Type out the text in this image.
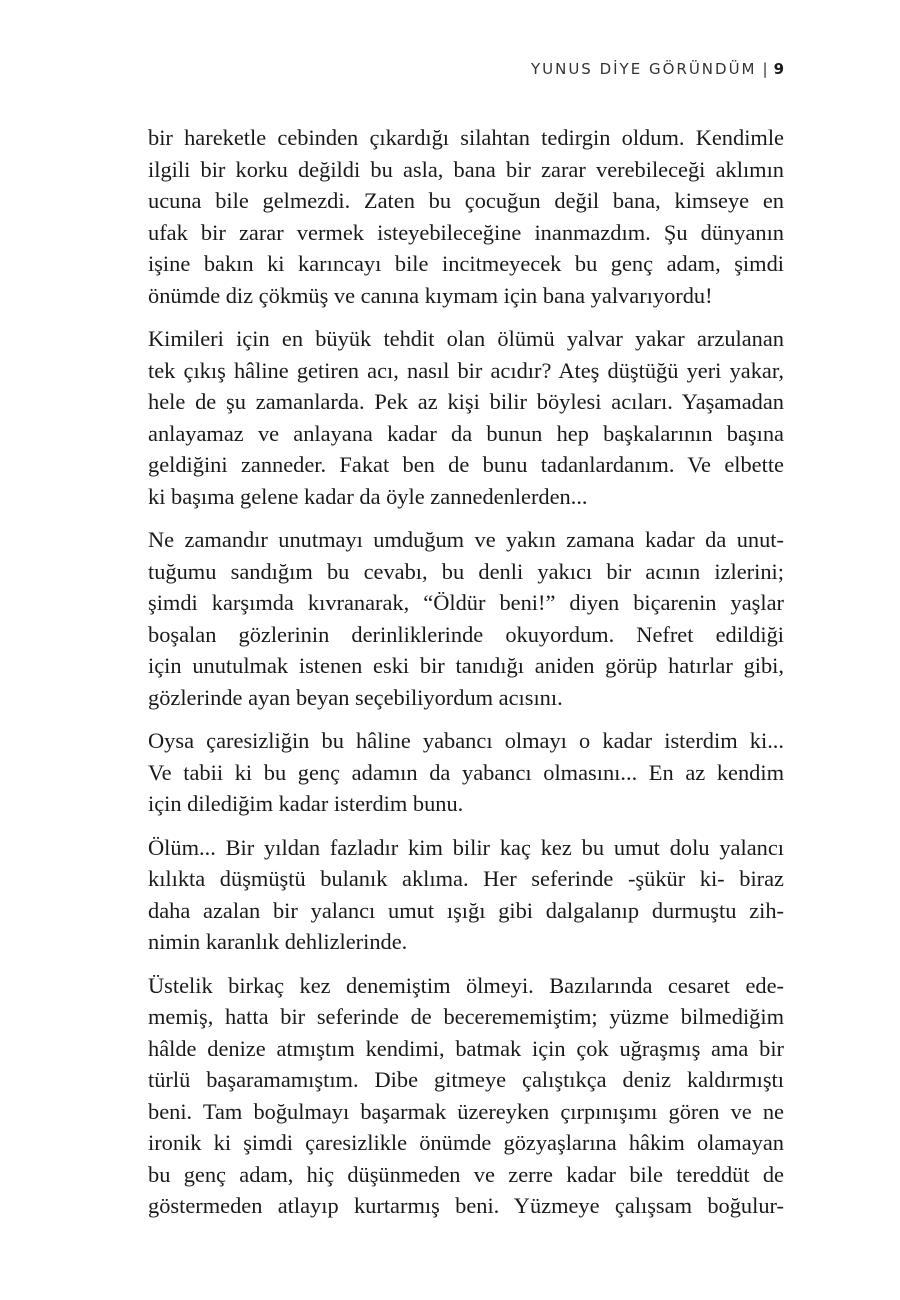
YUNUS DİYE GÖRÜNDÜM | 9

bir hareketle cebinden çıkardığı silahtan tedirgin oldum. Kendimle
ilgili bir korku değildi bu asla, bana bir zarar verebileceği aklımın
ucuna bile gelmezdi. Zaten bu çocuğun değil bana, kimseye en
ufak bir zarar vermek isteyebileceğine inanmazdım. Şu dünyanın
işine bakın ki karıncayı bile incitmeyecek bu genç adam, şimdi
önümde diz çökmüş ve canına kıymam için bana yalvarıyordu!

Kimileri için en büyük tehdit olan ölümü yalvar yakar arzulanan
tek çıkış hâline getiren acı, nasıl bir acıdır? Ateş düştüğü yeri yakar,
hele de şu zamanlarda. Pek az kişi bilir böylesi acıları. Yaşamadan
anlayamaz ve anlayana kadar da bunun hep başkalarının başına
geldiğini zanneder. Fakat ben de bunu tadanlardanım. Ve elbette
ki başıma gelene kadar da öyle zannedenlerden...

Ne zamandır unutmayı umduğum ve yakın zamana kadar da unut-
tuğumu sandığım bu cevabı, bu denli yakıcı bir acının izlerini;
şimdi karşımda kıvranarak, “Öldür beni!” diyen biçarenin yaşlar
boşalan gözlerinin derinliklerinde okuyordum. Nefret edildiği
için unutulmak istenen eski bir tanıdığı aniden görüp hatırlar gibi,
gözlerinde ayan beyan seçebiliyordum acısını.

Oysa çaresizliğin bu hâline yabancı olmayı o kadar isterdim ki...
Ve tabii ki bu genç adamın da yabancı olmasını... En az kendim
için dilediğim kadar isterdim bunu.

Ölüm... Bir yıldan fazladır kim bilir kaç kez bu umut dolu yalancı
kılıkta düşmüştü bulanık aklıma. Her seferinde -şükür ki- biraz
daha azalan bir yalancı umut ışığı gibi dalgalanıp durmuştu zih-
nimin karanlık dehlizlerinde.

Üstelik birkaç kez denemiştim ölmeyi. Bazılarında cesaret ede-
memiş, hatta bir seferinde de becerememiştim; yüzme bilmediğim
hâlde denize atmıştım kendimi, batmak için çok uğraşmış ama bir
türlü başaramamıştım. Dibe gitmeye çalıştıkça deniz kaldırmıştı
beni. Tam boğulmayı başarmak üzereyken çırpınışımı gören ve ne
ironik ki şimdi çaresizlikle önümde gözyaşlarına hâkim olamayan
bu genç adam, hiç düşünmeden ve zerre kadar bile tereddüt de
göstermeden atlayıp kurtarmış beni. Yüzmeye çalışsam boğulur-
